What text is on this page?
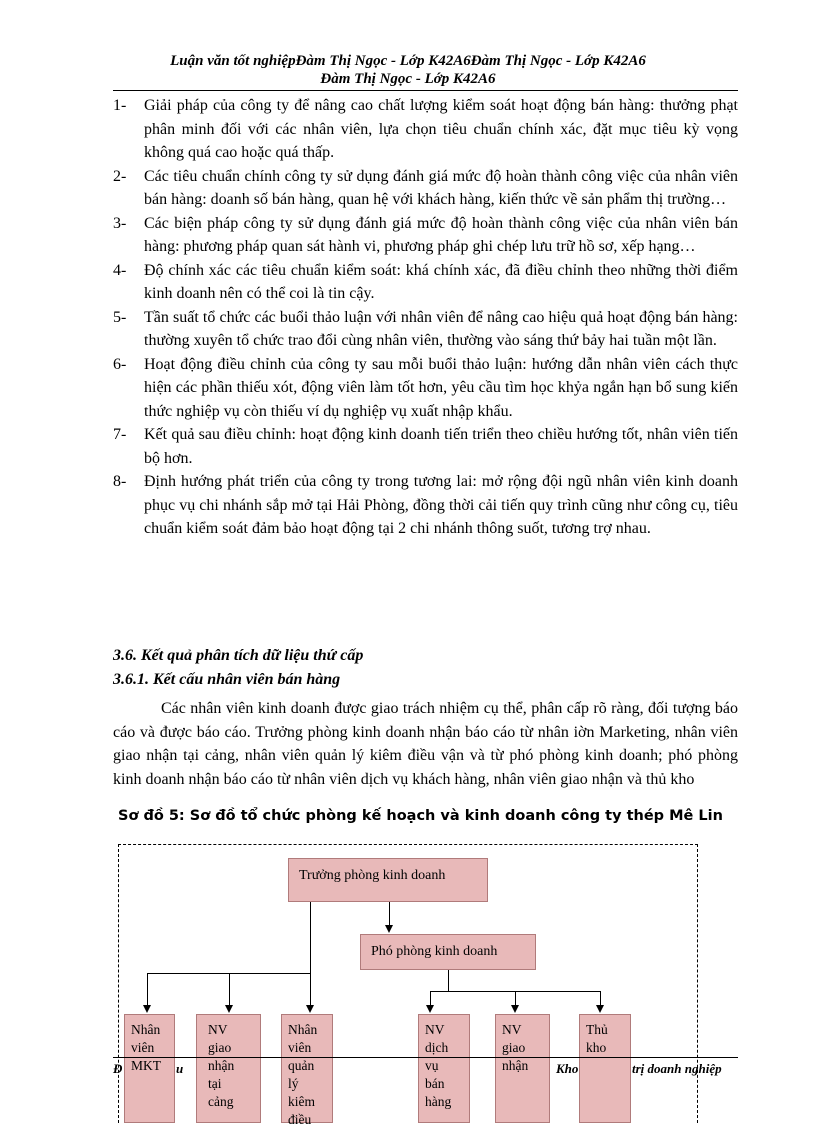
Luận văn tốt nghiệpĐàm Thị Ngọc - Lớp K42A6Đàm Thị Ngọc - Lớp K42A6
Đàm Thị Ngọc - Lớp K42A6
1- Giải pháp của công ty để nâng cao chất lượng kiểm soát hoạt động bán hàng: thưởng phạt phân minh đối với các nhân viên, lựa chọn tiêu chuẩn chính xác, đặt mục tiêu kỳ vọng không quá cao hoặc quá thấp.
2- Các tiêu chuẩn chính công ty sử dụng đánh giá mức độ hoàn thành công việc của nhân viên bán hàng: doanh số bán hàng, quan hệ với khách hàng, kiến thức về sản phẩm thị trường…
3- Các biện pháp công ty sử dụng đánh giá mức độ hoàn thành công việc của nhân viên bán hàng: phương pháp quan sát hành vi, phương pháp ghi chép lưu trữ hồ sơ, xếp hạng…
4- Độ chính xác các tiêu chuẩn kiểm soát: khá chính xác, đã điều chỉnh theo những thời điểm kinh doanh nên có thể coi là tin cậy.
5- Tần suất tổ chức các buổi thảo luận với nhân viên để nâng cao hiệu quả hoạt động bán hàng: thường xuyên tổ chức trao đổi cùng nhân viên, thường vào sáng thứ bảy hai tuần một lần.
6- Hoạt động điều chỉnh của công ty sau mỗi buổi thảo luận: hướng dẫn nhân viên cách thực hiện các phần thiếu xót, động viên làm tốt hơn, yêu cầu tìm học khỷa ngắn hạn bổ sung kiến thức nghiệp vụ còn thiếu ví dụ nghiệp vụ xuất nhập khẩu.
7- Kết quả sau điều chỉnh: hoạt động kinh doanh tiến triển theo chiều hướng tốt, nhân viên tiến bộ hơn.
8- Định hướng phát triển của công ty trong tương lai: mở rộng đội ngũ nhân viên kinh doanh phục vụ chi nhánh sắp mở tại Hải Phòng, đồng thời cải tiến quy trình cũng như công cụ, tiêu chuẩn kiểm soát đảm bảo hoạt động tại 2 chi nhánh thông suốt, tương trợ nhau.
3.6. Kết quả phân tích dữ liệu thứ cấp
3.6.1. Kết cấu nhân viên bán hàng

Các nhân viên kinh doanh được giao trách nhiệm cụ thể, phân cấp rõ ràng, đối tượng báo cáo và được báo cáo. Trưởng phòng kinh doanh nhận báo cáo từ nhân iờn Marketing, nhân viên giao nhận tại cảng, nhân viên quản lý kiêm điều vận và từ phó phòng kinh doanh; phó phòng kinh doanh nhận báo cáo từ nhân viên dịch vụ khách hàng, nhân viên giao nhận và thủ kho

Sơ đồ 5: Sơ đồ tổ chức phòng kế hoạch và kinh doanh công ty thép Mê Lin
Trưởng phòng kinh doanh
Phó phòng kinh doanh
Nhân
viên
MKT
NV
giao
nhận
tại
cảng
Nhân
viên
quản
lý
kiêm
điều
NV
dịch
vụ
bán
hàng
NV
giao
nhận
Thủ
kho
Đ	u	Kho	trị doanh nghiệp
